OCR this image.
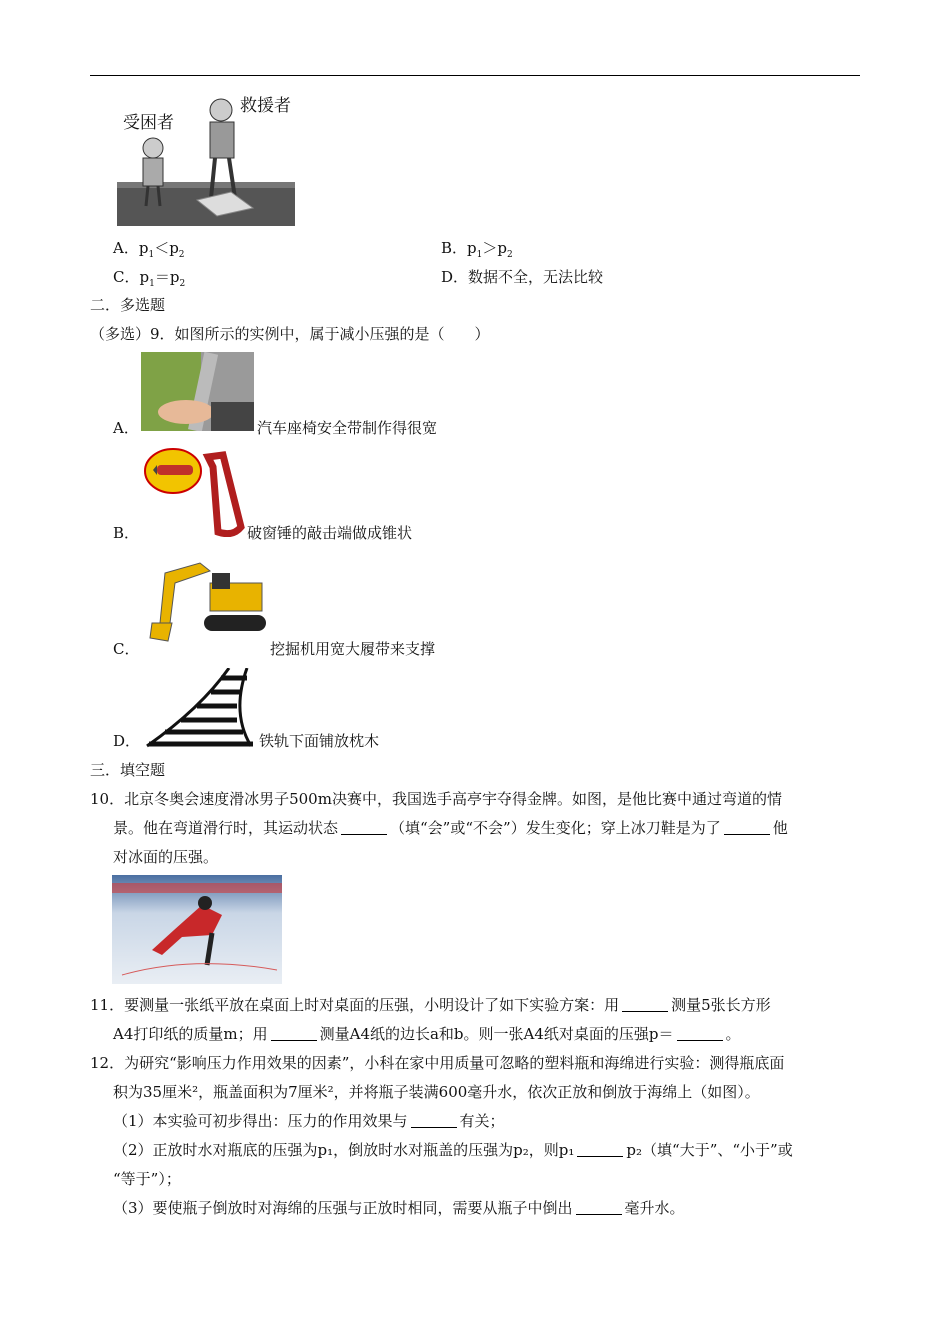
受困者
救援者
A．$p_1<p_2$	B．$p_1>p_2$
C．$p_1=p_2$	D．数据不全，无法比较
二．多选题
（多选）9．如图所示的实例中，属于减小压强的是（　　）
A．	汽车座椅安全带制作得很宽
B．	破窗锤的敲击端做成锥状
C．	挖掘机用宽大履带来支撑
D．	铁轨下面铺放枕木
三．填空题
10．北京冬奥会速度滑冰男子500m决赛中，我国选手高亭宇夺得金牌。如图，是他比赛中通过弯道的情
景。他在弯道滑行时，其运动状态	（填“会”或“不会”）发生变化；穿上冰刀鞋是为了	他
对冰面的压强。
11．要测量一张纸平放在桌面上时对桌面的压强，小明设计了如下实验方案：用	测量5张长方形
A4打印纸的质量m；用	测量A4纸的边长a和b。则一张A4纸对桌面的压强p＝	。
12．为研究“影响压力作用效果的因素”，小科在家中用质量可忽略的塑料瓶和海绵进行实验：测得瓶底面
积为35厘米²，瓶盖面积为7厘米²，并将瓶子装满600毫升水，依次正放和倒放于海绵上（如图）。
（1）本实验可初步得出：压力的作用效果与	有关；
（2）正放时水对瓶底的压强为p₁，倒放时水对瓶盖的压强为p₂，则p₁	p₂（填“大于”、“小于”或
“等于”）；
（3）要使瓶子倒放时对海绵的压强与正放时相同，需要从瓶子中倒出	毫升水。
